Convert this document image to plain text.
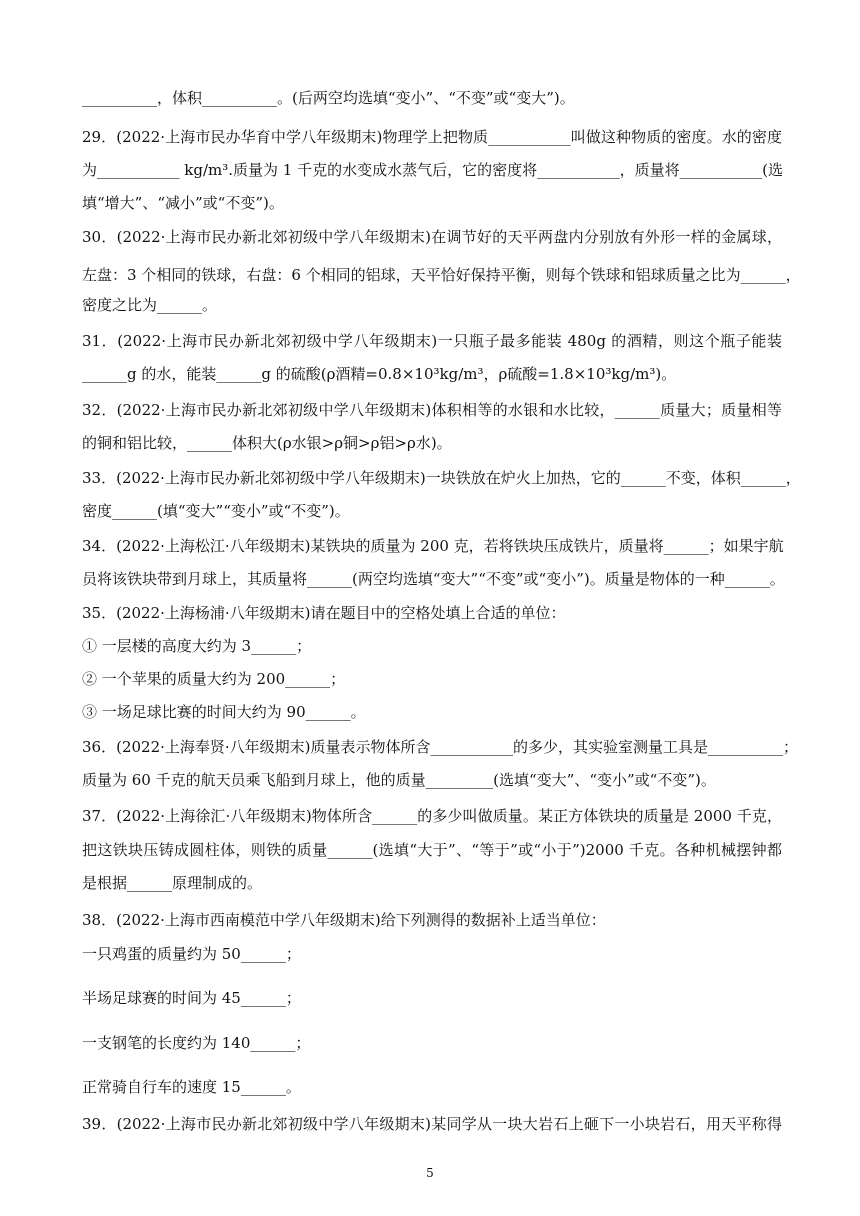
__________，体积__________。(后两空均选填“变小”、“不变”或“变大”)。
29．(2022·上海市民办华育中学八年级期末)物理学上把物质___________叫做这种物质的密度。水的密度
为___________ kg/m³.质量为 1 千克的水变成水蒸气后，它的密度将___________，质量将___________(选
填“增大”、“减小”或“不变”)。
30．(2022·上海市民办新北郊初级中学八年级期末)在调节好的天平两盘内分别放有外形一样的金属球，
左盘：3 个相同的铁球，右盘：6 个相同的铝球，天平恰好保持平衡，则每个铁球和铝球质量之比为______，
密度之比为______。
31．(2022·上海市民办新北郊初级中学八年级期末)一只瓶子最多能装 480g 的酒精，则这个瓶子能装
______g 的水，能装______g 的硫酸(ρ酒精=0.8×10³kg/m³，ρ硫酸=1.8×10³kg/m³)。
32．(2022·上海市民办新北郊初级中学八年级期末)体积相等的水银和水比较，______质量大；质量相等
的铜和铝比较，______体积大(ρ水银>ρ铜>ρ铝>ρ水)。
33．(2022·上海市民办新北郊初级中学八年级期末)一块铁放在炉火上加热，它的______不变，体积______，
密度______(填“变大”“变小”或“不变”)。
34．(2022·上海松江·八年级期末)某铁块的质量为 200 克，若将铁块压成铁片，质量将______；如果宇航
员将该铁块带到月球上，其质量将______(两空均选填“变大”“不变”或“变小”)。质量是物体的一种______。
35．(2022·上海杨浦·八年级期末)请在题目中的空格处填上合适的单位：
① 一层楼的高度大约为 3______；
② 一个苹果的质量大约为 200______；
③ 一场足球比赛的时间大约为 90______。
36．(2022·上海奉贤·八年级期末)质量表示物体所含___________的多少，其实验室测量工具是__________；
质量为 60 千克的航天员乘飞船到月球上，他的质量_________(选填“变大”、“变小”或“不变”)。
37．(2022·上海徐汇·八年级期末)物体所含______的多少叫做质量。某正方体铁块的质量是 2000 千克，
把这铁块压铸成圆柱体，则铁的质量______(选填“大于”、“等于”或“小于”)2000 千克。各种机械摆钟都
是根据______原理制成的。
38．(2022·上海市西南模范中学八年级期末)给下列测得的数据补上适当单位：
一只鸡蛋的质量约为 50______；
半场足球赛的时间为 45______；
一支钢笔的长度约为 140______；
正常骑自行车的速度 15______。
39．(2022·上海市民办新北郊初级中学八年级期末)某同学从一块大岩石上砸下一小块岩石，用天平称得
5
